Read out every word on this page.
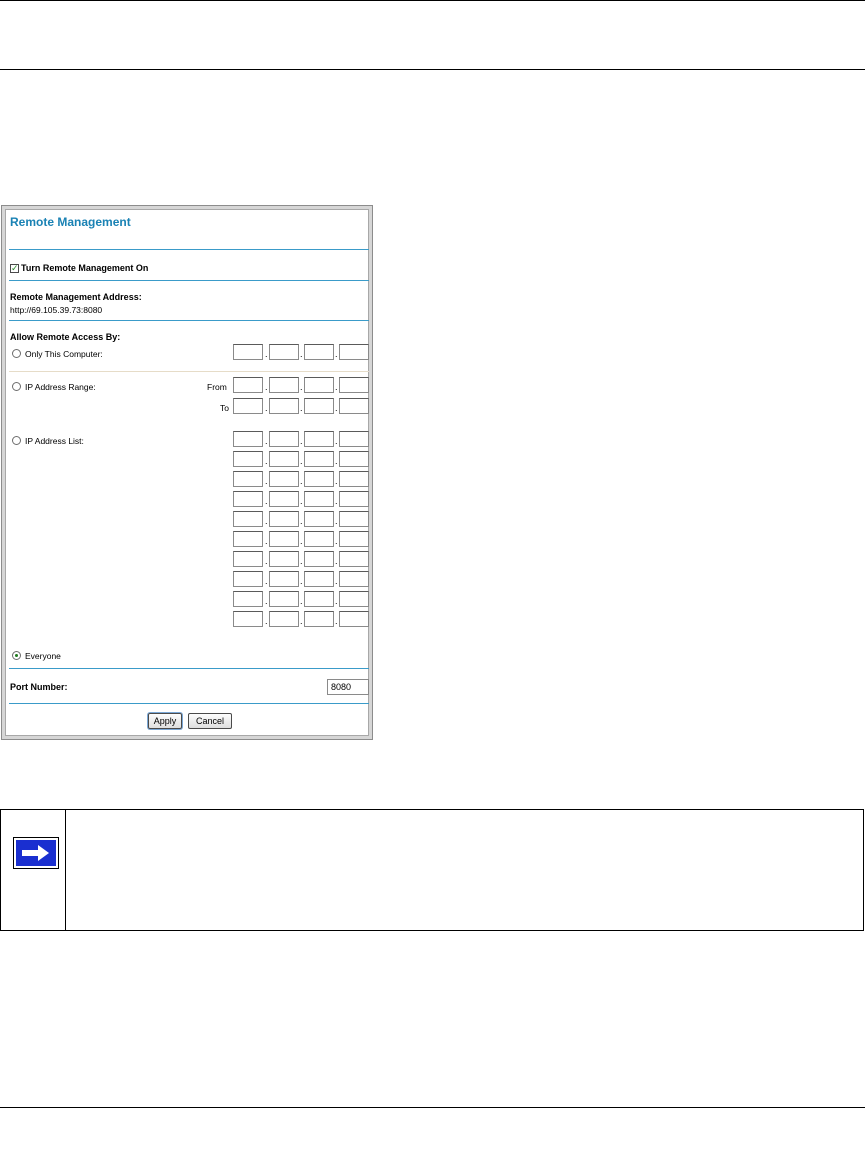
Remote Management
✓ Turn Remote Management On
Remote Management Address:
http://69.105.39.73:8080
Allow Remote Access By:
Only This Computer:	.	.	.
IP Address Range:	From	.	.	.
To	.	.	.
IP Address List:	.	.	.
.	.	.
.	.	.
.	.	.
.	.	.
.	.	.
.	.	.
.	.	.
.	.	.
.	.	.
Everyone
Port Number:	8080
Apply	Cancel
